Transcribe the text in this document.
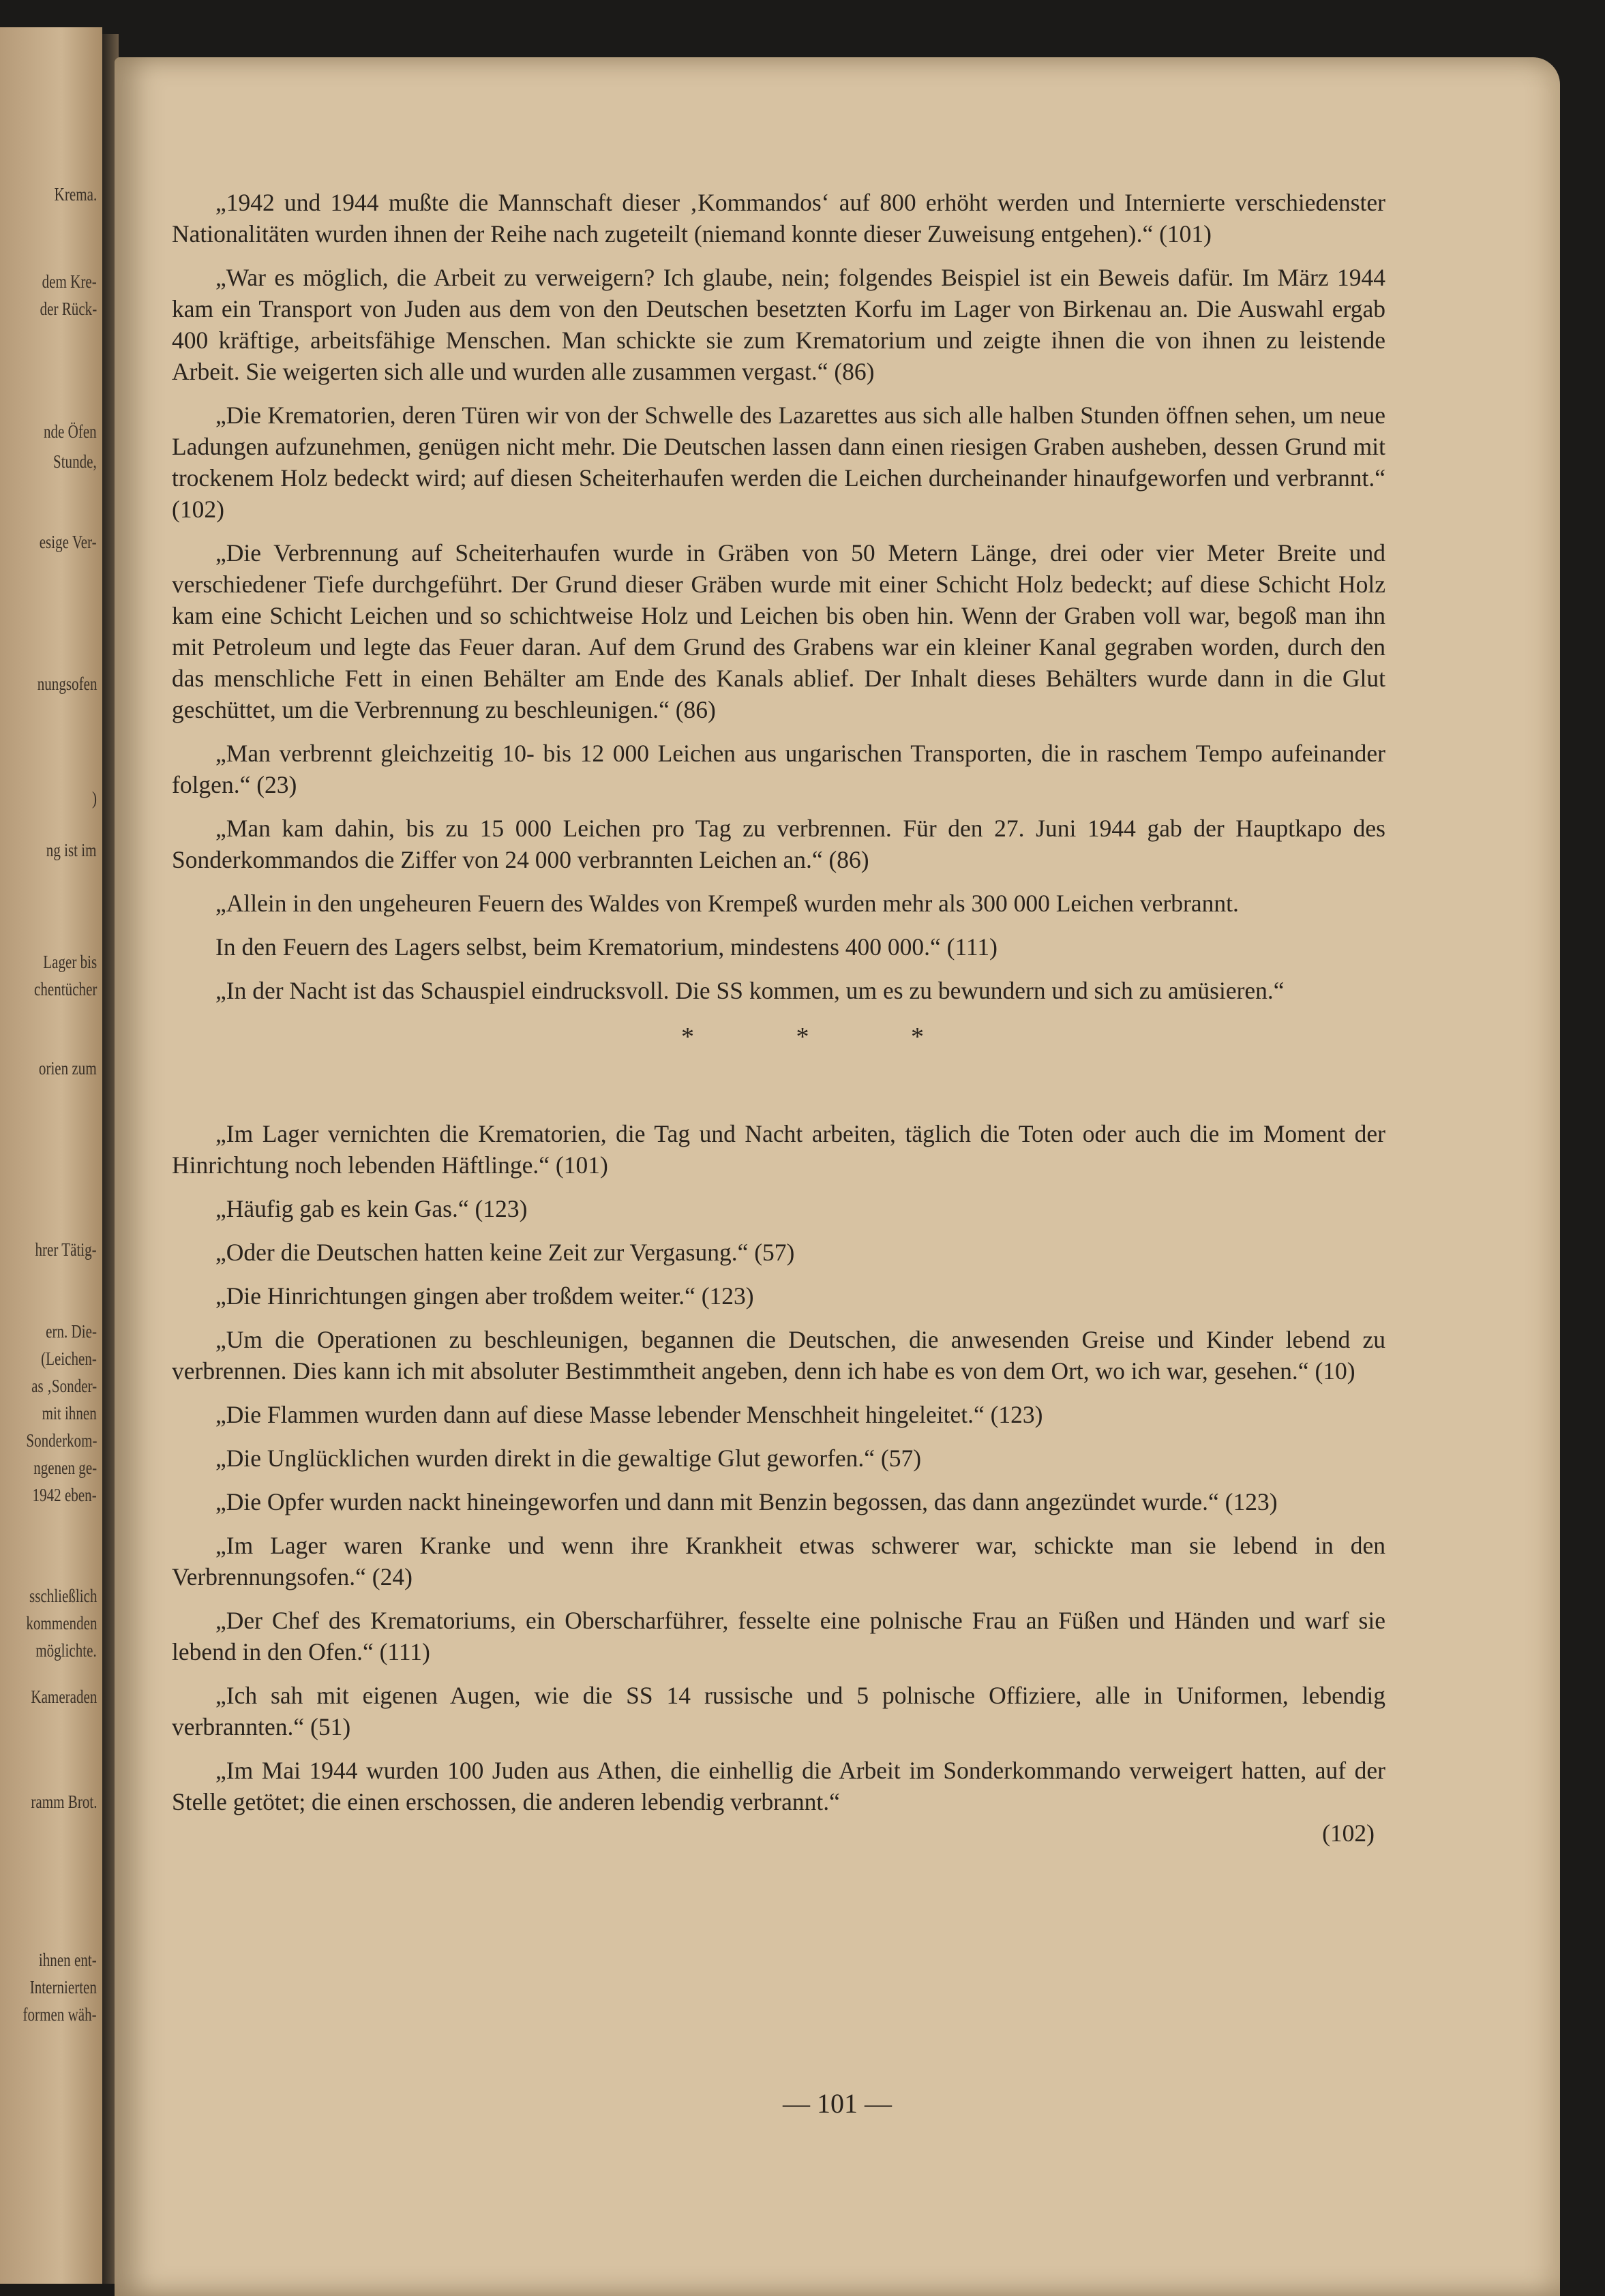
Krema.
dem Kre-
der Rück-
nde Öfen
Stunde,
esige Ver-
nungsofen
)
ng ist im
Lager bis
chentücher
orien zum
hrer Tätig-
ern. Die-
(Leichen-
as ‚Sonder-
mit ihnen
Sonderkom-
ngenen ge-
1942 eben-
sschließlich
kommenden
möglichte.
Kameraden
ramm Brot.
ihnen ent-
Internierten
formen wäh-

„1942 und 1944 mußte die Mannschaft dieser ‚Kommandos‘ auf 800 erhöht werden und Internierte verschiedenster Nationalitäten wurden ihnen der Reihe nach zugeteilt (niemand konnte dieser Zuweisung entgehen).“ (101)

„War es möglich, die Arbeit zu verweigern? Ich glaube, nein; folgendes Beispiel ist ein Beweis dafür. Im März 1944 kam ein Transport von Juden aus dem von den Deutschen besetzten Korfu im Lager von Birkenau an. Die Auswahl ergab 400 kräftige, arbeitsfähige Menschen. Man schickte sie zum Krematorium und zeigte ihnen die von ihnen zu leistende Arbeit. Sie weigerten sich alle und wurden alle zusammen vergast.“ (86)

„Die Krematorien, deren Türen wir von der Schwelle des Lazarettes aus sich alle halben Stunden öffnen sehen, um neue Ladungen aufzunehmen, genügen nicht mehr. Die Deutschen lassen dann einen riesigen Graben ausheben, dessen Grund mit trockenem Holz bedeckt wird; auf diesen Scheiterhaufen werden die Leichen durcheinander hinaufgeworfen und verbrannt.“ (102)

„Die Verbrennung auf Scheiterhaufen wurde in Gräben von 50 Metern Länge, drei oder vier Meter Breite und verschiedener Tiefe durchgeführt. Der Grund dieser Gräben wurde mit einer Schicht Holz bedeckt; auf diese Schicht Holz kam eine Schicht Leichen und so schichtweise Holz und Leichen bis oben hin. Wenn der Graben voll war, begoß man ihn mit Petroleum und legte das Feuer daran. Auf dem Grund des Grabens war ein kleiner Kanal gegraben worden, durch den das menschliche Fett in einen Behälter am Ende des Kanals ablief. Der Inhalt dieses Behälters wurde dann in die Glut geschüttet, um die Verbrennung zu beschleunigen.“ (86)

„Man verbrennt gleichzeitig 10- bis 12 000 Leichen aus ungarischen Transporten, die in raschem Tempo aufeinander folgen.“ (23)

„Man kam dahin, bis zu 15 000 Leichen pro Tag zu verbrennen. Für den 27. Juni 1944 gab der Hauptkapo des Sonderkommandos die Ziffer von 24 000 verbrannten Leichen an.“ (86)

„Allein in den ungeheuren Feuern des Waldes von Krempeß wurden mehr als 300 000 Leichen verbrannt.

In den Feuern des Lagers selbst, beim Krematorium, mindestens 400 000.“ (111)

„In der Nacht ist das Schauspiel eindrucksvoll. Die SS kommen, um es zu bewundern und sich zu amüsieren.“

* * *

„Im Lager vernichten die Krematorien, die Tag und Nacht arbeiten, täglich die Toten oder auch die im Moment der Hinrichtung noch lebenden Häftlinge.“ (101)

„Häufig gab es kein Gas.“ (123)

„Oder die Deutschen hatten keine Zeit zur Vergasung.“ (57)

„Die Hinrichtungen gingen aber troßdem weiter.“ (123)

„Um die Operationen zu beschleunigen, begannen die Deutschen, die anwesenden Greise und Kinder lebend zu verbrennen. Dies kann ich mit absoluter Bestimmtheit angeben, denn ich habe es von dem Ort, wo ich war, gesehen.“ (10)

„Die Flammen wurden dann auf diese Masse lebender Menschheit hingeleitet.“ (123)

„Die Unglücklichen wurden direkt in die gewaltige Glut geworfen.“ (57)

„Die Opfer wurden nackt hineingeworfen und dann mit Benzin begossen, das dann angezündet wurde.“ (123)

„Im Lager waren Kranke und wenn ihre Krankheit etwas schwerer war, schickte man sie lebend in den Verbrennungsofen.“ (24)

„Der Chef des Krematoriums, ein Oberscharführer, fesselte eine polnische Frau an Füßen und Händen und warf sie lebend in den Ofen.“ (111)

„Ich sah mit eigenen Augen, wie die SS 14 russische und 5 polnische Offiziere, alle in Uniformen, lebendig verbrannten.“ (51)

„Im Mai 1944 wurden 100 Juden aus Athen, die einhellig die Arbeit im Sonderkommando verweigert hatten, auf der Stelle getötet; die einen erschossen, die anderen lebendig verbrannt.“

(102)
— 101 —
